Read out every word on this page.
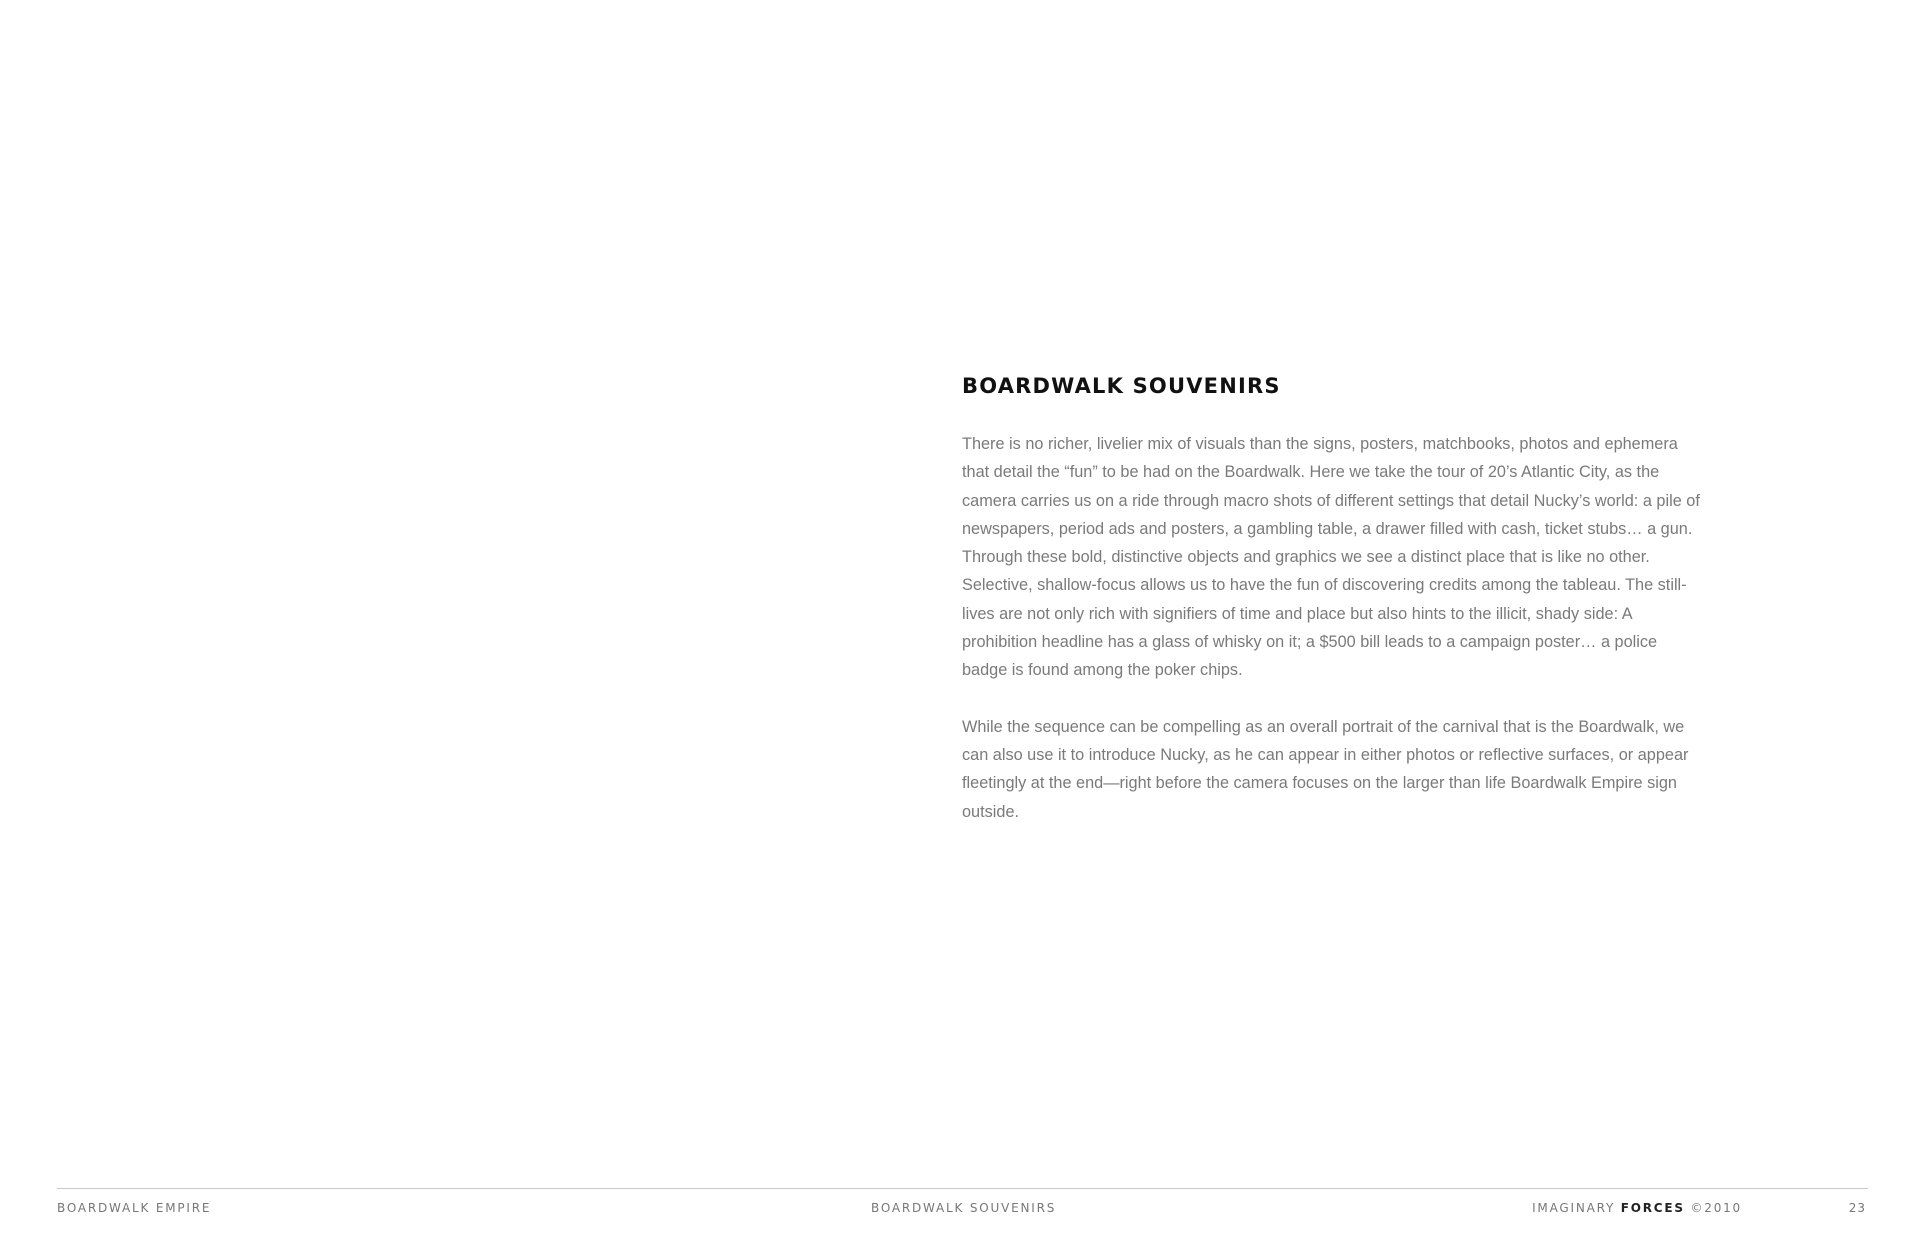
BOARDWALK SOUVENIRS

There is no richer, livelier mix of visuals than the signs, posters, matchbooks, photos and ephemera that detail the “fun” to be had on the Boardwalk. Here we take the tour of 20’s Atlantic City, as the camera carries us on a ride through macro shots of different settings that detail Nucky’s world: a pile of newspapers, period ads and posters, a gambling table, a drawer filled with cash, ticket stubs… a gun. Through these bold, distinctive objects and graphics we see a distinct place that is like no other. Selective, shallow-focus allows us to have the fun of discovering credits among the tableau. The still-lives are not only rich with signifiers of time and place but also hints to the illicit, shady side: A prohibition headline has a glass of whisky on it; a $500 bill leads to a campaign poster… a police badge is found among the poker chips.

While the sequence can be compelling as an overall portrait of the carnival that is the Boardwalk, we can also use it to introduce Nucky, as he can appear in either photos or reflective surfaces, or appear fleetingly at the end—right before the camera focuses on the larger than life Boardwalk Empire sign outside.

BOARDWALK EMPIRE	BOARDWALK SOUVENIRS	IMAGINARY FORCES ©2010	23
